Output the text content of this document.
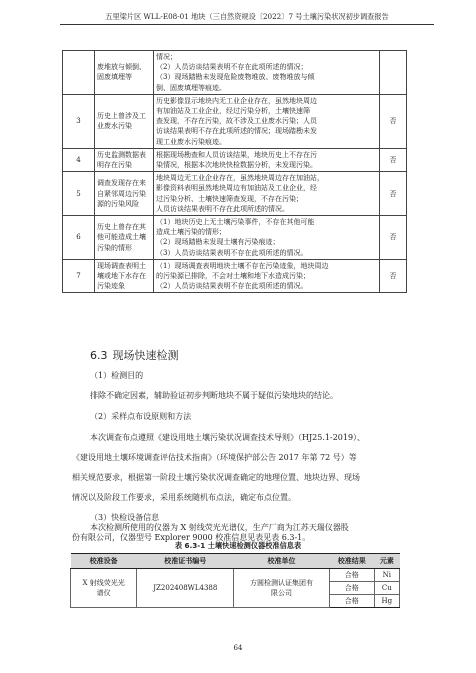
五里梁片区 WLL-E08-01 地块（三自然资规设〔2022〕7 号土壤污染状况初步调查报告

	废堆放与倾倒、
固废填埋等	情况；
（2）人员访谈结果表明不存在此项所述的情况；
（3）现场踏勘未发现危险废物堆放、废物堆放与倾
倒、固废填埋等痕迹。	

3	历史上曾涉及工
业废水污染	历史影像显示地块内无工业企业存在，虽然地块周边
有加油站及工业企业，经过污染分析，土壤快速筛
查发现，不存在污染，故不涉及工业废水污染；人员
访谈结果表明不存在此项所述的情况；现场踏勘未发
现工业废水污染痕迹。	否
4	历史监测数据表
明存在污染	根据现场勘查和人员访谈结果，地块历史上不存在污
染情况，根据本次地块快检数据分析，未发现污染。	否
5	调查发现存在来
自紧邻周边污染
源的污染风险	地块周边无工业企业存在，虽然地块周边存在加油站，
影像资料表明虽然地块周边有加油站及工业企业，经
过污染分析、土壤快速筛查发现，不存在污染；
人员访谈结果表明不存在此项所述的情况。	否
6	历史上曾存在其
他可能造成土壤
污染的情形	（1）地块历史上无土壤污染事件，不存在其他可能
造成土壤污染的情形；
（2）现场踏勘未发现土壤有污染痕迹；
（3）人员访谈结果表明不存在此项所述的情况。	否
7	现场调查表明土
壤或地下水存在
污染迹象	（1）现场调查表明地块土壤不存在污染迹象，地块周边
的污染源已排除，不会对土壤和地下水造成污染；
（2）人员访谈结果表明不存在此项所述的情况。	否
6.3 现场快速检测
（1）检测目的
排除不确定因素，辅助验证初步判断地块不属于疑似污染地块的结论。
（2）采样点布设原则和方法
本次调查布点遵照《建设用地土壤污染状况调查技术导则》（HJ25.1-2019）、
《建设用地土壤环境调查评估技术指南》（环境保护部公告 2017 年第 72 号）等
相关规范要求，根据第一阶段土壤污染状况调查确定的地理位置、地块边界、现场
情况以及阶段工作要求，采用系统随机布点法，确定布点位置。
（3）快检设备信息
本次检测所使用的仪器为 X 射线荧光光谱仪，生产厂商为江苏天瑞仪器股
表 6.3-1 土壤快速检测仪器校准信息表
校准设备	校准证书编号	校准单位	校准结果	元素

X 射线荧光光
谱仪	JZ202408WL4388	方圆检测认证集团有
限公司	合格	Ni
			合格	Cu
			合格	Hg
64
份有限公司，仪器型号 Explorer 9000 校准信息见表见表 6.3-1。
